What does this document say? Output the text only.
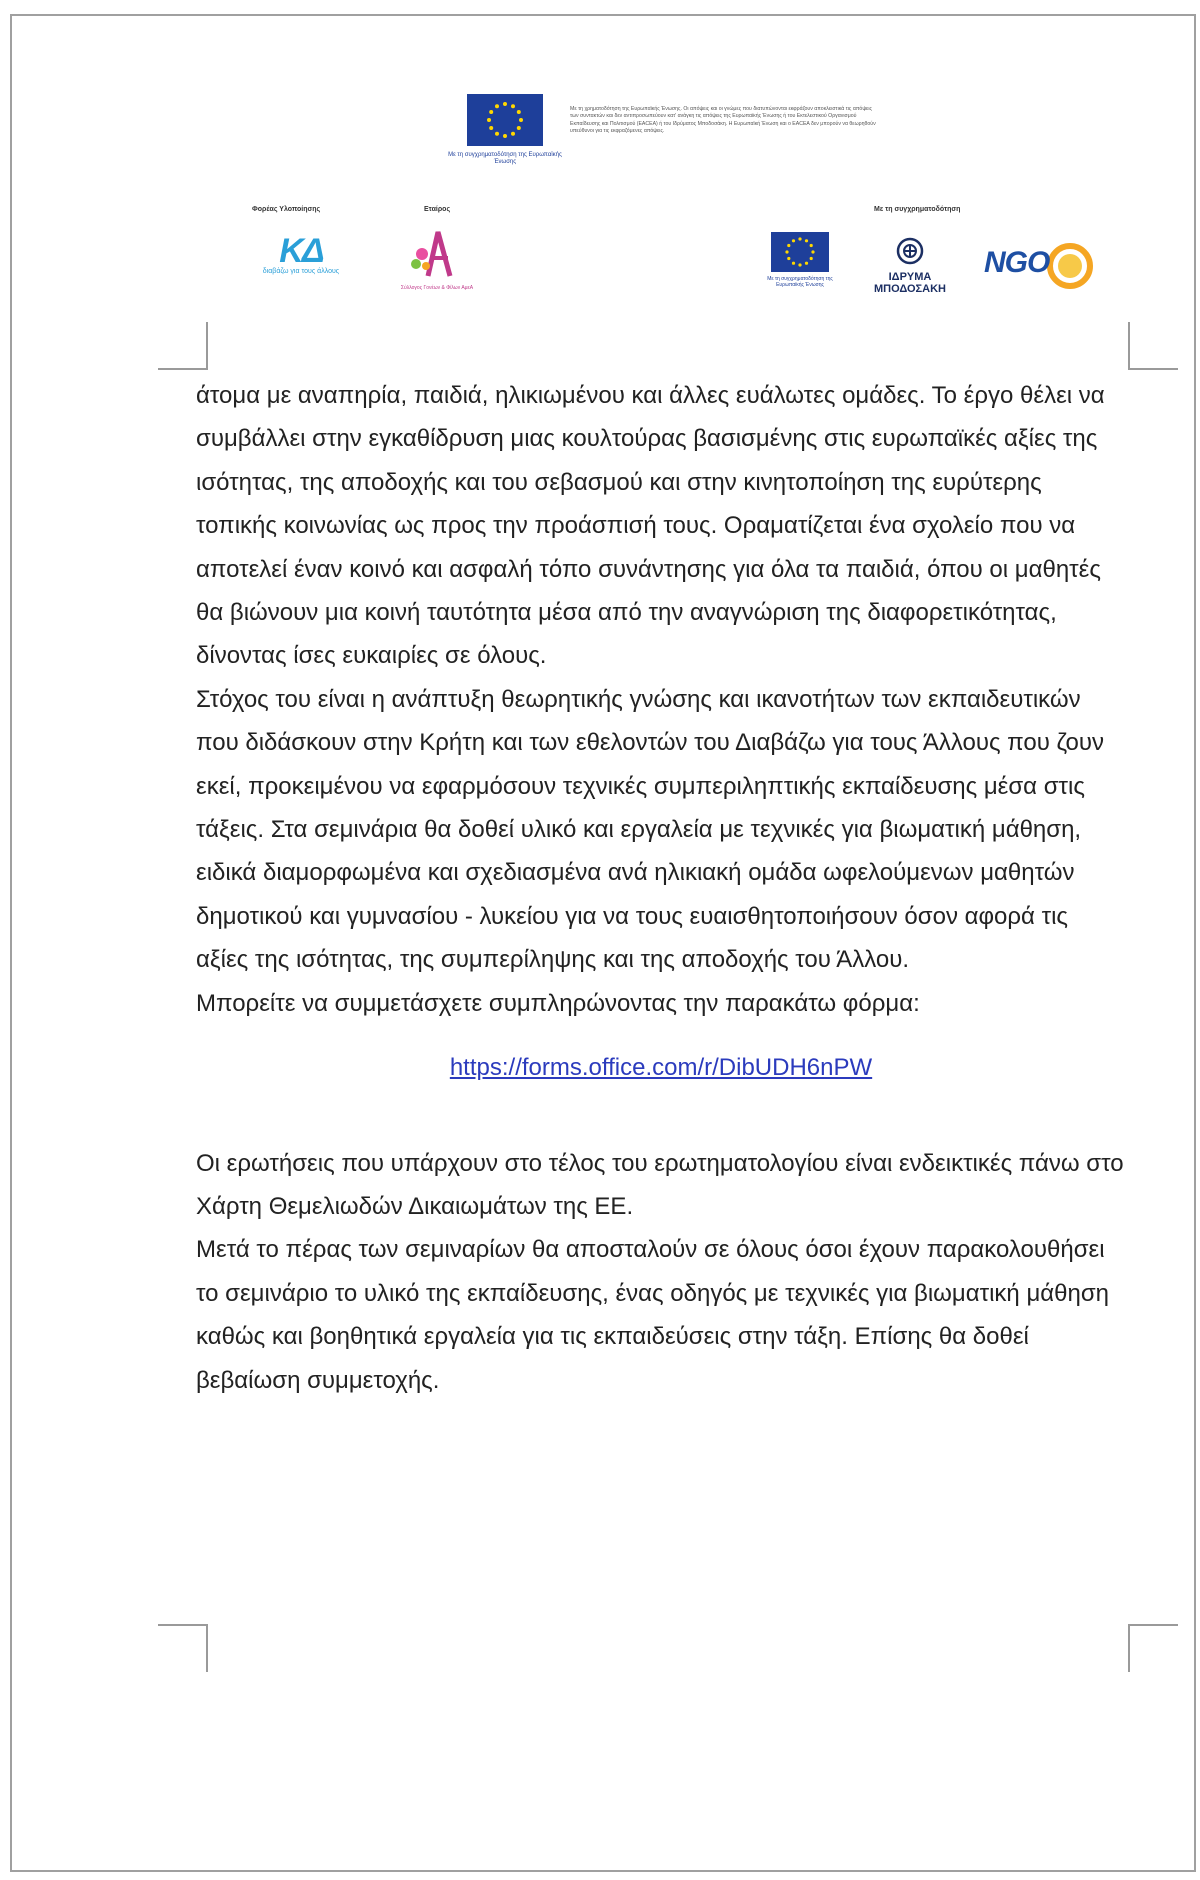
Με τη συγχρηματοδότηση της Ευρωπαϊκής Ένωσης
Με τη χρηματοδότηση της Ευρωπαϊκής Ένωσης. Οι απόψεις και οι γνώμες που διατυπώνονται εκφράζουν αποκλειστικά τις απόψεις των συντακτών και δεν αντιπροσωπεύουν κατ' ανάγκη τις απόψεις της Ευρωπαϊκής Ένωσης ή του Εκτελεστικού Οργανισμού Εκπαίδευσης και Πολιτισμού (EACEA) ή του Ιδρύματος Μποδοσάκη. Η Ευρωπαϊκή Ένωση και ο EACEA δεν μπορούν να θεωρηθούν υπεύθυνοι για τις εκφραζόμενες απόψεις.
Φορέας Υλοποίησης	Εταίρος	Με τη συγχρηματοδότηση
ΚΔ
διαβάζω για τους άλλους
Σύλλογος Γονέων & Φίλων ΑμεΑ
Με τη συγχρηματοδότηση της Ευρωπαϊκής Ένωσης
ΙΔΡΥΜΑ
ΜΠΟΔΟΣΑΚΗ
NGO

άτομα με αναπηρία, παιδιά, ηλικιωμένου και άλλες ευάλωτες ομάδες. Το έργο θέλει να συμβάλλει στην εγκαθίδρυση μιας κουλτούρας βασισμένης στις ευρωπαϊκές αξίες της ισότητας, της αποδοχής και του σεβασμού και στην κινητοποίηση της ευρύτερης τοπικής κοινωνίας ως προς την προάσπισή τους. Οραματίζεται ένα σχολείο που να αποτελεί έναν κοινό και ασφαλή τόπο συνάντησης για όλα τα παιδιά, όπου οι μαθητές θα βιώνουν μια κοινή ταυτότητα μέσα από την αναγνώριση της διαφορετικότητας, δίνοντας ίσες ευκαιρίες σε όλους.

Στόχος του είναι η ανάπτυξη θεωρητικής γνώσης και ικανοτήτων των εκπαιδευτικών που διδάσκουν στην Κρήτη και των εθελοντών του Διαβάζω για τους Άλλους που ζουν εκεί, προκειμένου να εφαρμόσουν τεχνικές συμπεριληπτικής εκπαίδευσης μέσα στις τάξεις. Στα σεμινάρια θα δοθεί υλικό και εργαλεία με τεχνικές για βιωματική μάθηση, ειδικά διαμορφωμένα και σχεδιασμένα ανά ηλικιακή ομάδα ωφελούμενων μαθητών δημοτικού και γυμνασίου - λυκείου για να τους ευαισθητοποιήσουν όσον αφορά τις αξίες της ισότητας, της συμπερίληψης και της αποδοχής του Άλλου.

Μπορείτε να συμμετάσχετε συμπληρώνοντας την παρακάτω φόρμα:

https://forms.office.com/r/DibUDH6nPW

Οι ερωτήσεις που υπάρχουν στο τέλος του ερωτηματολογίου είναι ενδεικτικές πάνω στο Χάρτη Θεμελιωδών Δικαιωμάτων της ΕΕ.

Μετά το πέρας των σεμιναρίων θα αποσταλούν σε όλους όσοι έχουν παρακολουθήσει το σεμινάριο το υλικό της εκπαίδευσης, ένας οδηγός με τεχνικές για βιωματική μάθηση καθώς και βοηθητικά εργαλεία για τις εκπαιδεύσεις στην τάξη. Επίσης θα δοθεί βεβαίωση συμμετοχής.
